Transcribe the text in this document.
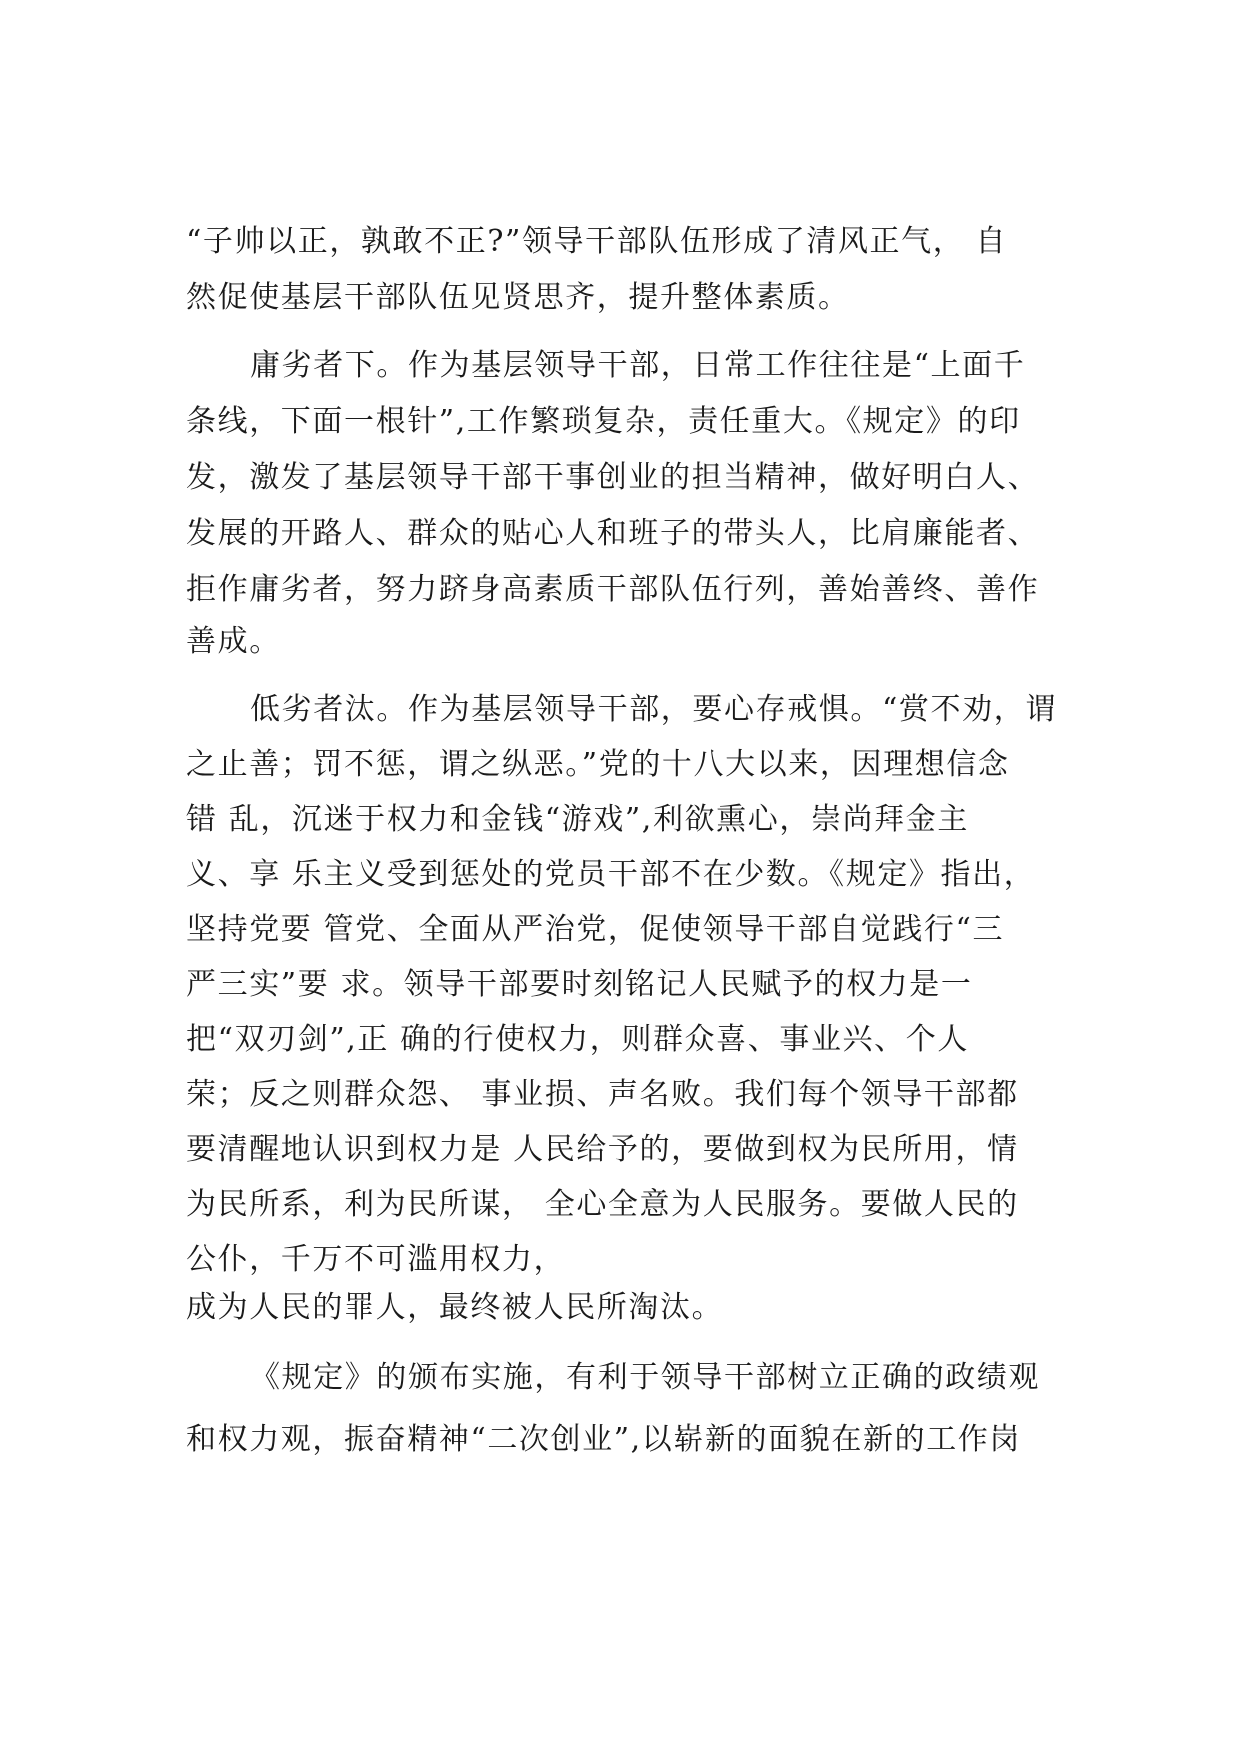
“子帅以正，孰敢不正?”领导干部队伍形成了清风正气， 自
然促使基层干部队伍见贤思齐，提升整体素质。
庸劣者下。作为基层领导干部，日常工作往往是“上面千
条线，下面一根针”,工作繁琐复杂，责任重大。《规定》的印
发，激发了基层领导干部干事创业的担当精神，做好明白人、
发展的开路人、群众的贴心人和班子的带头人，比肩廉能者、
拒作庸劣者，努力跻身高素质干部队伍行列，善始善终、善作
善成。
低劣者汰。作为基层领导干部，要心存戒惧。“赏不劝，谓
之止善；罚不惩，谓之纵恶。”党的十八大以来，因理想信念
错 乱，沉迷于权力和金钱“游戏”,利欲熏心，崇尚拜金主
义、享 乐主义受到惩处的党员干部不在少数。《规定》指出，
坚持党要 管党、全面从严治党，促使领导干部自觉践行“三
严三实”要 求。领导干部要时刻铭记人民赋予的权力是一
把“双刃剑”,正 确的行使权力，则群众喜、事业兴、个人
荣；反之则群众怨、 事业损、声名败。我们每个领导干部都
要清醒地认识到权力是 人民给予的，要做到权为民所用，情
为民所系，利为民所谋， 全心全意为人民服务。要做人民的
公仆，千万不可滥用权力，
成为人民的罪人，最终被人民所淘汰。
《规定》的颁布实施，有利于领导干部树立正确的政绩观
和权力观，振奋精神“二次创业”,以崭新的面貌在新的工作岗
